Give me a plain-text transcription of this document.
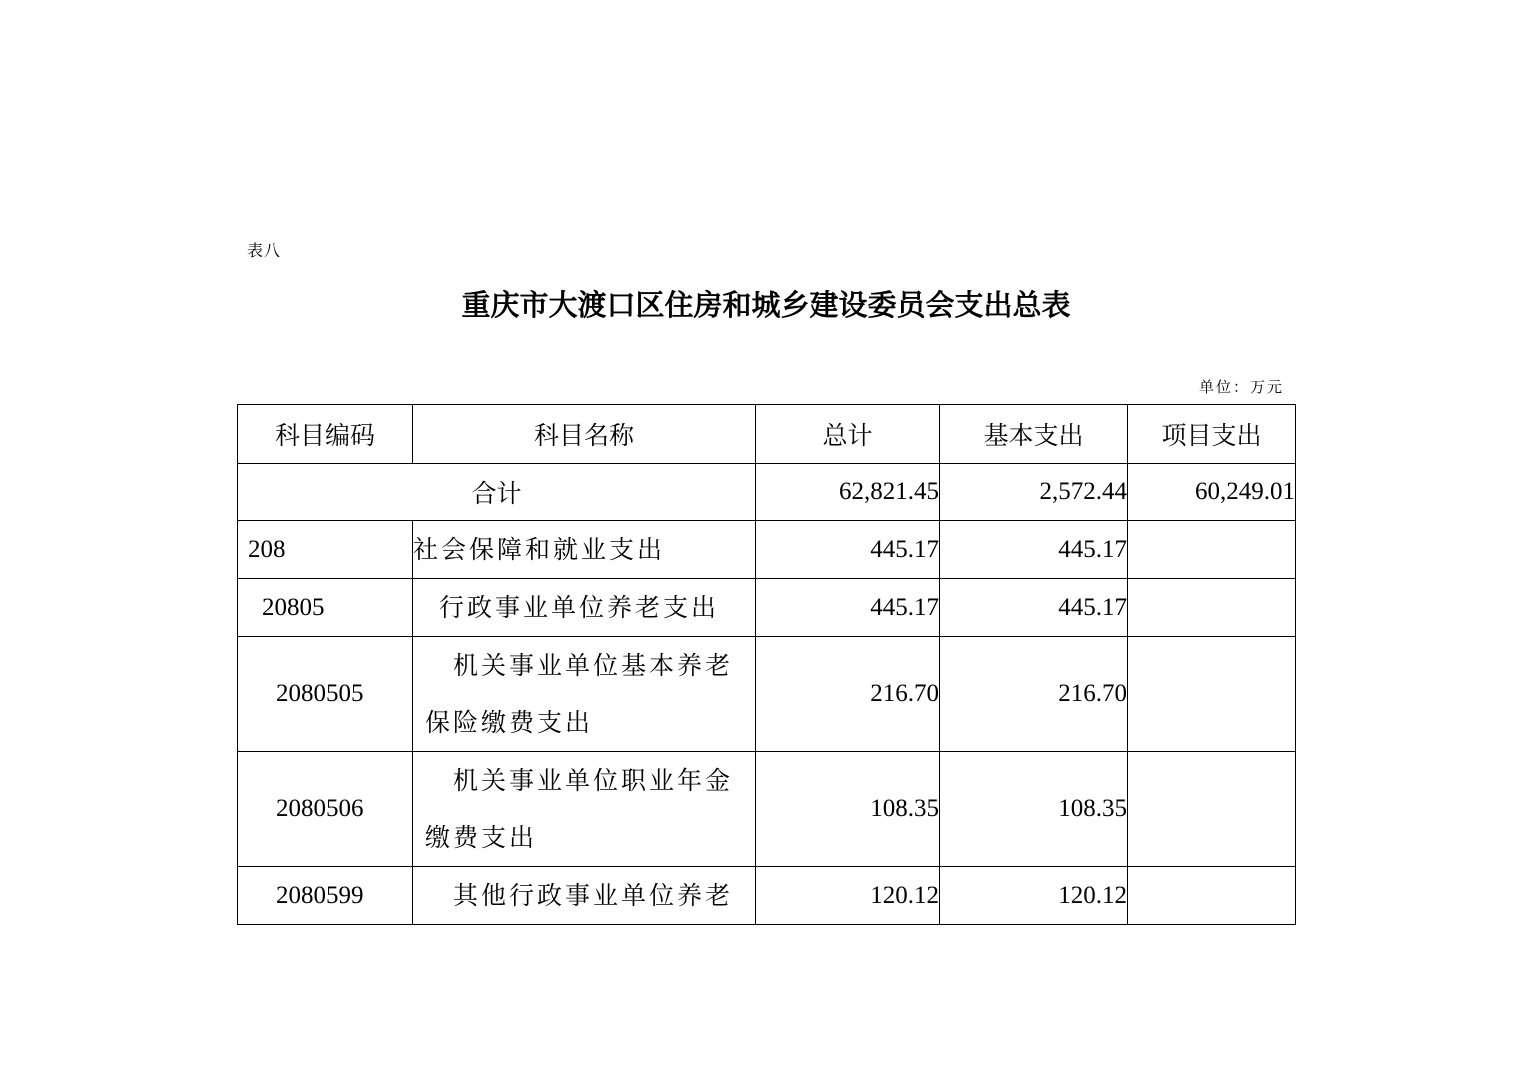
表八
重庆市大渡口区住房和城乡建设委员会支出总表
单位：万元
科目编码	科目名称	总计	基本支出	项目支出
合计		62,821.45	2,572.44	60,249.01
208	社会保障和就业支出	445.17	445.17	
20805	行政事业单位养老支出	445.17	445.17	
2080505	机关事业单位基本养老保险缴费支出	216.70	216.70	
2080506	机关事业单位职业年金缴费支出	108.35	108.35	
2080599	其他行政事业单位养老	120.12	120.12	
